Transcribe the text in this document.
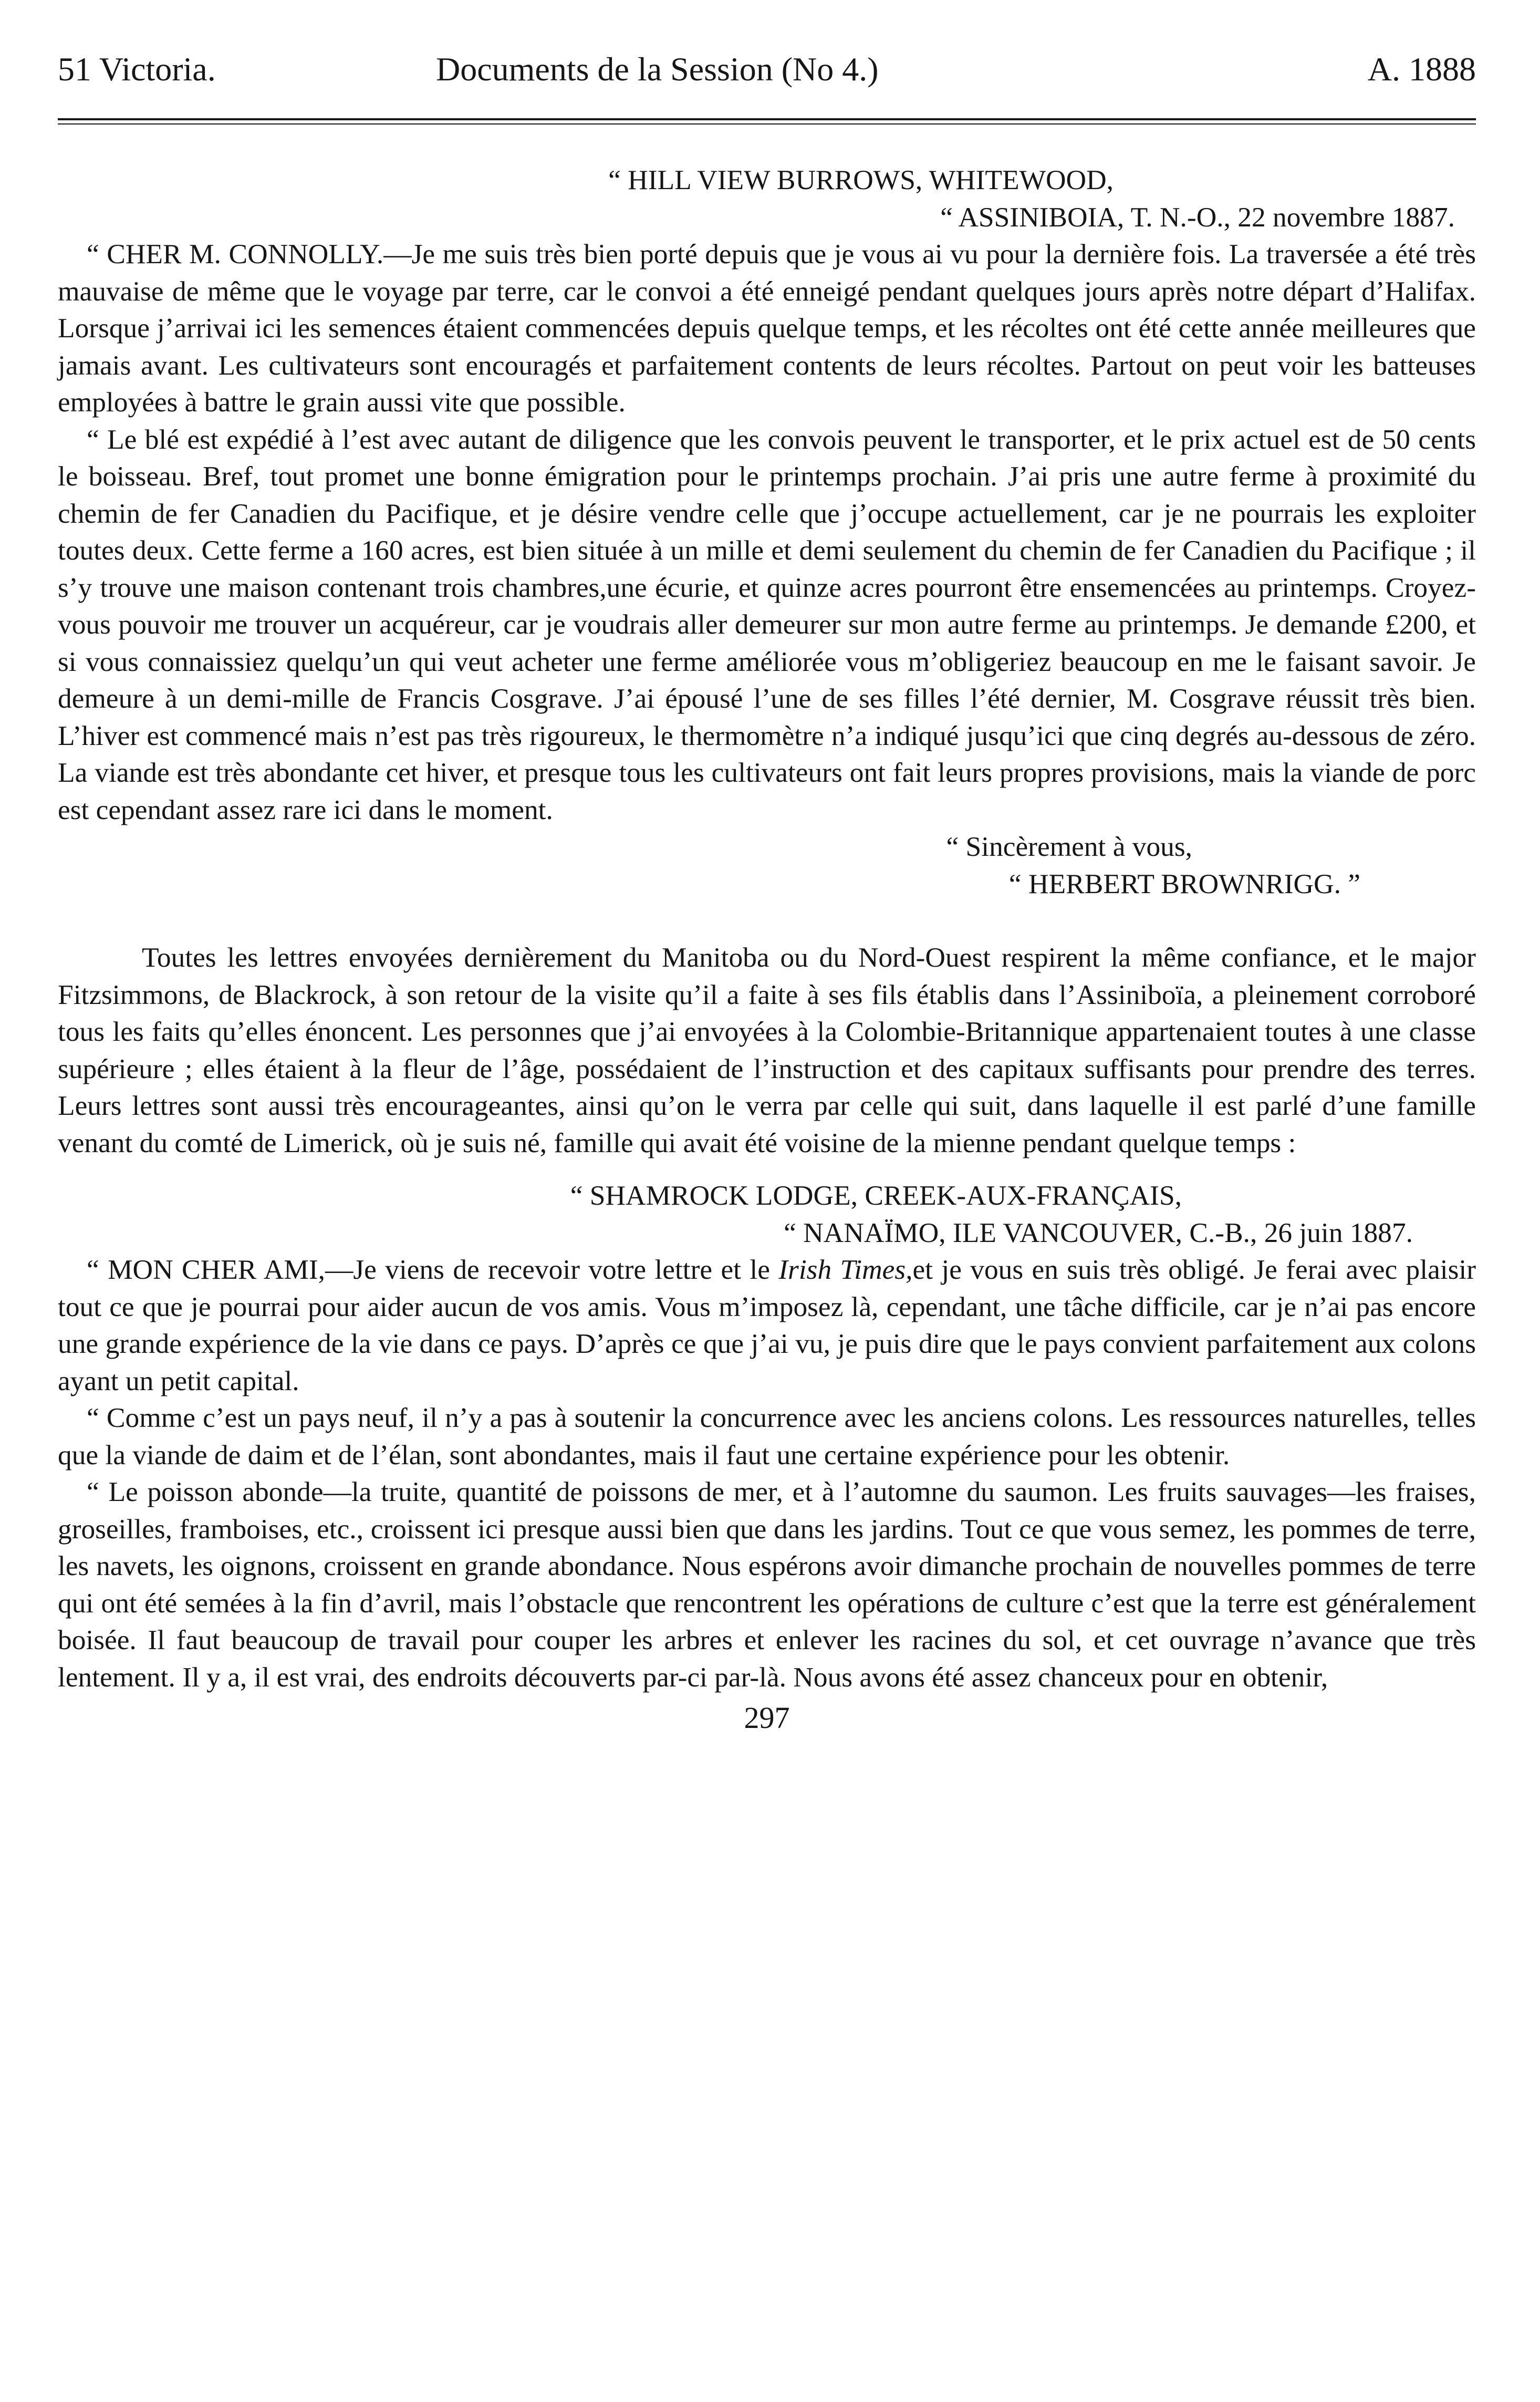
51 Victoria.	Documents de la Session (No 4.)	A. 1888
“ HILL VIEW BURROWS, WHITEWOOD,
“ ASSINIBOIA, T. N.-O., 22 novembre 1887.

“ CHER M. CONNOLLY.—Je me suis très bien porté depuis que je vous ai vu pour la dernière fois. La traversée a été très mauvaise de même que le voyage par terre, car le convoi a été enneigé pendant quelques jours après notre départ d’Halifax. Lorsque j’arrivai ici les semences étaient commencées depuis quelque temps, et les récoltes ont été cette année meilleures que jamais avant. Les cultivateurs sont encouragés et parfaitement contents de leurs récoltes. Partout on peut voir les batteuses employées à battre le grain aussi vite que possible.

“ Le blé est expédié à l’est avec autant de diligence que les convois peuvent le transporter, et le prix actuel est de 50 cents le boisseau. Bref, tout promet une bonne émigration pour le printemps prochain. J’ai pris une autre ferme à proximité du chemin de fer Canadien du Pacifique, et je désire vendre celle que j’occupe actuellement, car je ne pourrais les exploiter toutes deux. Cette ferme a 160 acres, est bien située à un mille et demi seulement du chemin de fer Canadien du Pacifique ; il s’y trouve une maison contenant trois chambres,une écurie, et quinze acres pourront être ensemencées au printemps. Croyez-vous pouvoir me trouver un acquéreur, car je voudrais aller demeurer sur mon autre ferme au printemps. Je demande £200, et si vous connaissiez quelqu’un qui veut acheter une ferme améliorée vous m’obligeriez beaucoup en me le faisant savoir. Je demeure à un demi-mille de Francis Cosgrave. J’ai épousé l’une de ses filles l’été dernier, M. Cosgrave réussit très bien. L’hiver est commencé mais n’est pas très rigoureux, le thermomètre n’a indiqué jusqu’ici que cinq degrés au-dessous de zéro. La viande est très abondante cet hiver, et presque tous les cultivateurs ont fait leurs propres provisions, mais la viande de porc est cependant assez rare ici dans le moment.

“ Sincèrement à vous,
“ HERBERT BROWNRIGG. ”

Toutes les lettres envoyées dernièrement du Manitoba ou du Nord-Ouest respirent la même confiance, et le major Fitzsimmons, de Blackrock, à son retour de la visite qu’il a faite à ses fils établis dans l’Assiniboïa, a pleinement corroboré tous les faits qu’elles énoncent. Les personnes que j’ai envoyées à la Colombie-Britannique appartenaient toutes à une classe supérieure ; elles étaient à la fleur de l’âge, possédaient de l’instruction et des capitaux suffisants pour prendre des terres. Leurs lettres sont aussi très encourageantes, ainsi qu’on le verra par celle qui suit, dans laquelle il est parlé d’une famille venant du comté de Limerick, où je suis né, famille qui avait été voisine de la mienne pendant quelque temps :

“ SHAMROCK LODGE, CREEK-AUX-FRANÇAIS,
“ NANAÏMO, ILE VANCOUVER, C.-B., 26 juin 1887.

“ MON CHER AMI,—Je viens de recevoir votre lettre et le Irish Times,et je vous en suis très obligé. Je ferai avec plaisir tout ce que je pourrai pour aider aucun de vos amis. Vous m’imposez là, cependant, une tâche difficile, car je n’ai pas encore une grande expérience de la vie dans ce pays. D’après ce que j’ai vu, je puis dire que le pays convient parfaitement aux colons ayant un petit capital.

“ Comme c’est un pays neuf, il n’y a pas à soutenir la concurrence avec les anciens colons. Les ressources naturelles, telles que la viande de daim et de l’élan, sont abondantes, mais il faut une certaine expérience pour les obtenir.

“ Le poisson abonde—la truite, quantité de poissons de mer, et à l’automne du saumon. Les fruits sauvages—les fraises, groseilles, framboises, etc., croissent ici presque aussi bien que dans les jardins. Tout ce que vous semez, les pommes de terre, les navets, les oignons, croissent en grande abondance. Nous espérons avoir dimanche prochain de nouvelles pommes de terre qui ont été semées à la fin d’avril, mais l’obstacle que rencontrent les opérations de culture c’est que la terre est généralement boisée. Il faut beaucoup de travail pour couper les arbres et enlever les racines du sol, et cet ouvrage n’avance que très lentement. Il y a, il est vrai, des endroits découverts par-ci par-là. Nous avons été assez chanceux pour en obtenir,

297
